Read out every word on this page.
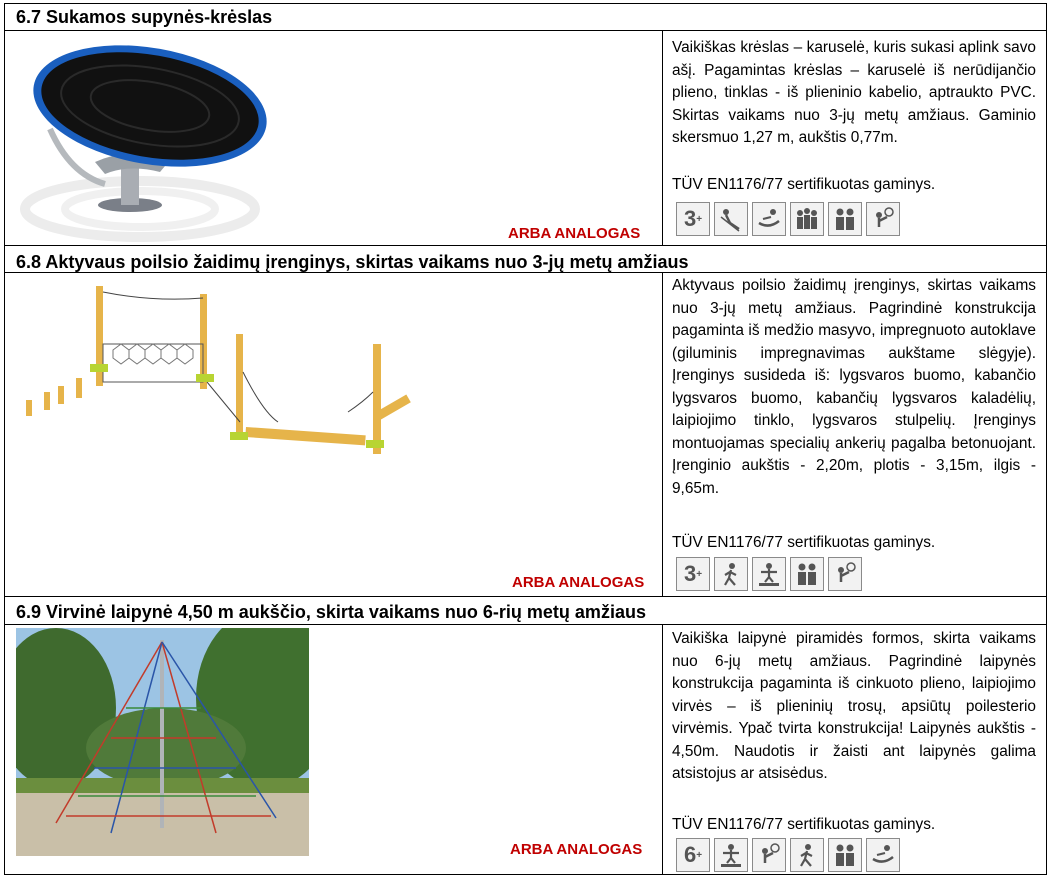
6.7 Sukamos supynės-krėslas
ARBA ANALOGAS
Vaikiškas krėslas – karuselė, kuris sukasi aplink savo ašį. Pagamintas krėslas – karuselė iš nerūdijančio plieno, tinklas - iš plieninio kabelio, aptraukto PVC. Skirtas vaikams nuo 3-jų metų amžiaus. Gaminio skersmuo 1,27 m, aukštis 0,77m.
TÜV EN1176/77 sertifikuotas gaminys.
3 +
6.8 Aktyvaus poilsio žaidimų įrenginys, skirtas vaikams nuo 3-jų metų amžiaus
ARBA ANALOGAS
Aktyvaus poilsio žaidimų įrenginys, skirtas vaikams nuo 3-jų metų amžiaus. Pagrindinė konstrukcija pagaminta iš medžio masyvo, impregnuoto autoklave (giluminis impregnavimas aukštame slėgyje). Įrenginys susideda iš: lygsvaros buomo, kabančio lygsvaros buomo, kabančių lygsvaros kaladėlių, laipiojimo tinklo, lygsvaros stulpelių. Įrenginys montuojamas specialių ankerių pagalba betonuojant. Įrenginio aukštis - 2,20m, plotis - 3,15m, ilgis - 9,65m.
TÜV EN1176/77 sertifikuotas gaminys.
3 +
6.9 Virvinė laipynė 4,50 m aukščio, skirta vaikams nuo 6-rių metų amžiaus
ARBA ANALOGAS
Vaikiška laipynė piramidės formos, skirta vaikams nuo 6-jų metų amžiaus. Pagrindinė laipynės konstrukcija pagaminta iš cinkuoto plieno, laipiojimo virvės – iš plieninių trosų, apsiūtų poilesterio virvėmis. Ypač tvirta konstrukcija! Laipynės aukštis - 4,50m. Naudotis ir žaisti ant laipynės galima atsistojus ar atsisėdus.
TÜV EN1176/77 sertifikuotas gaminys.
6 +
